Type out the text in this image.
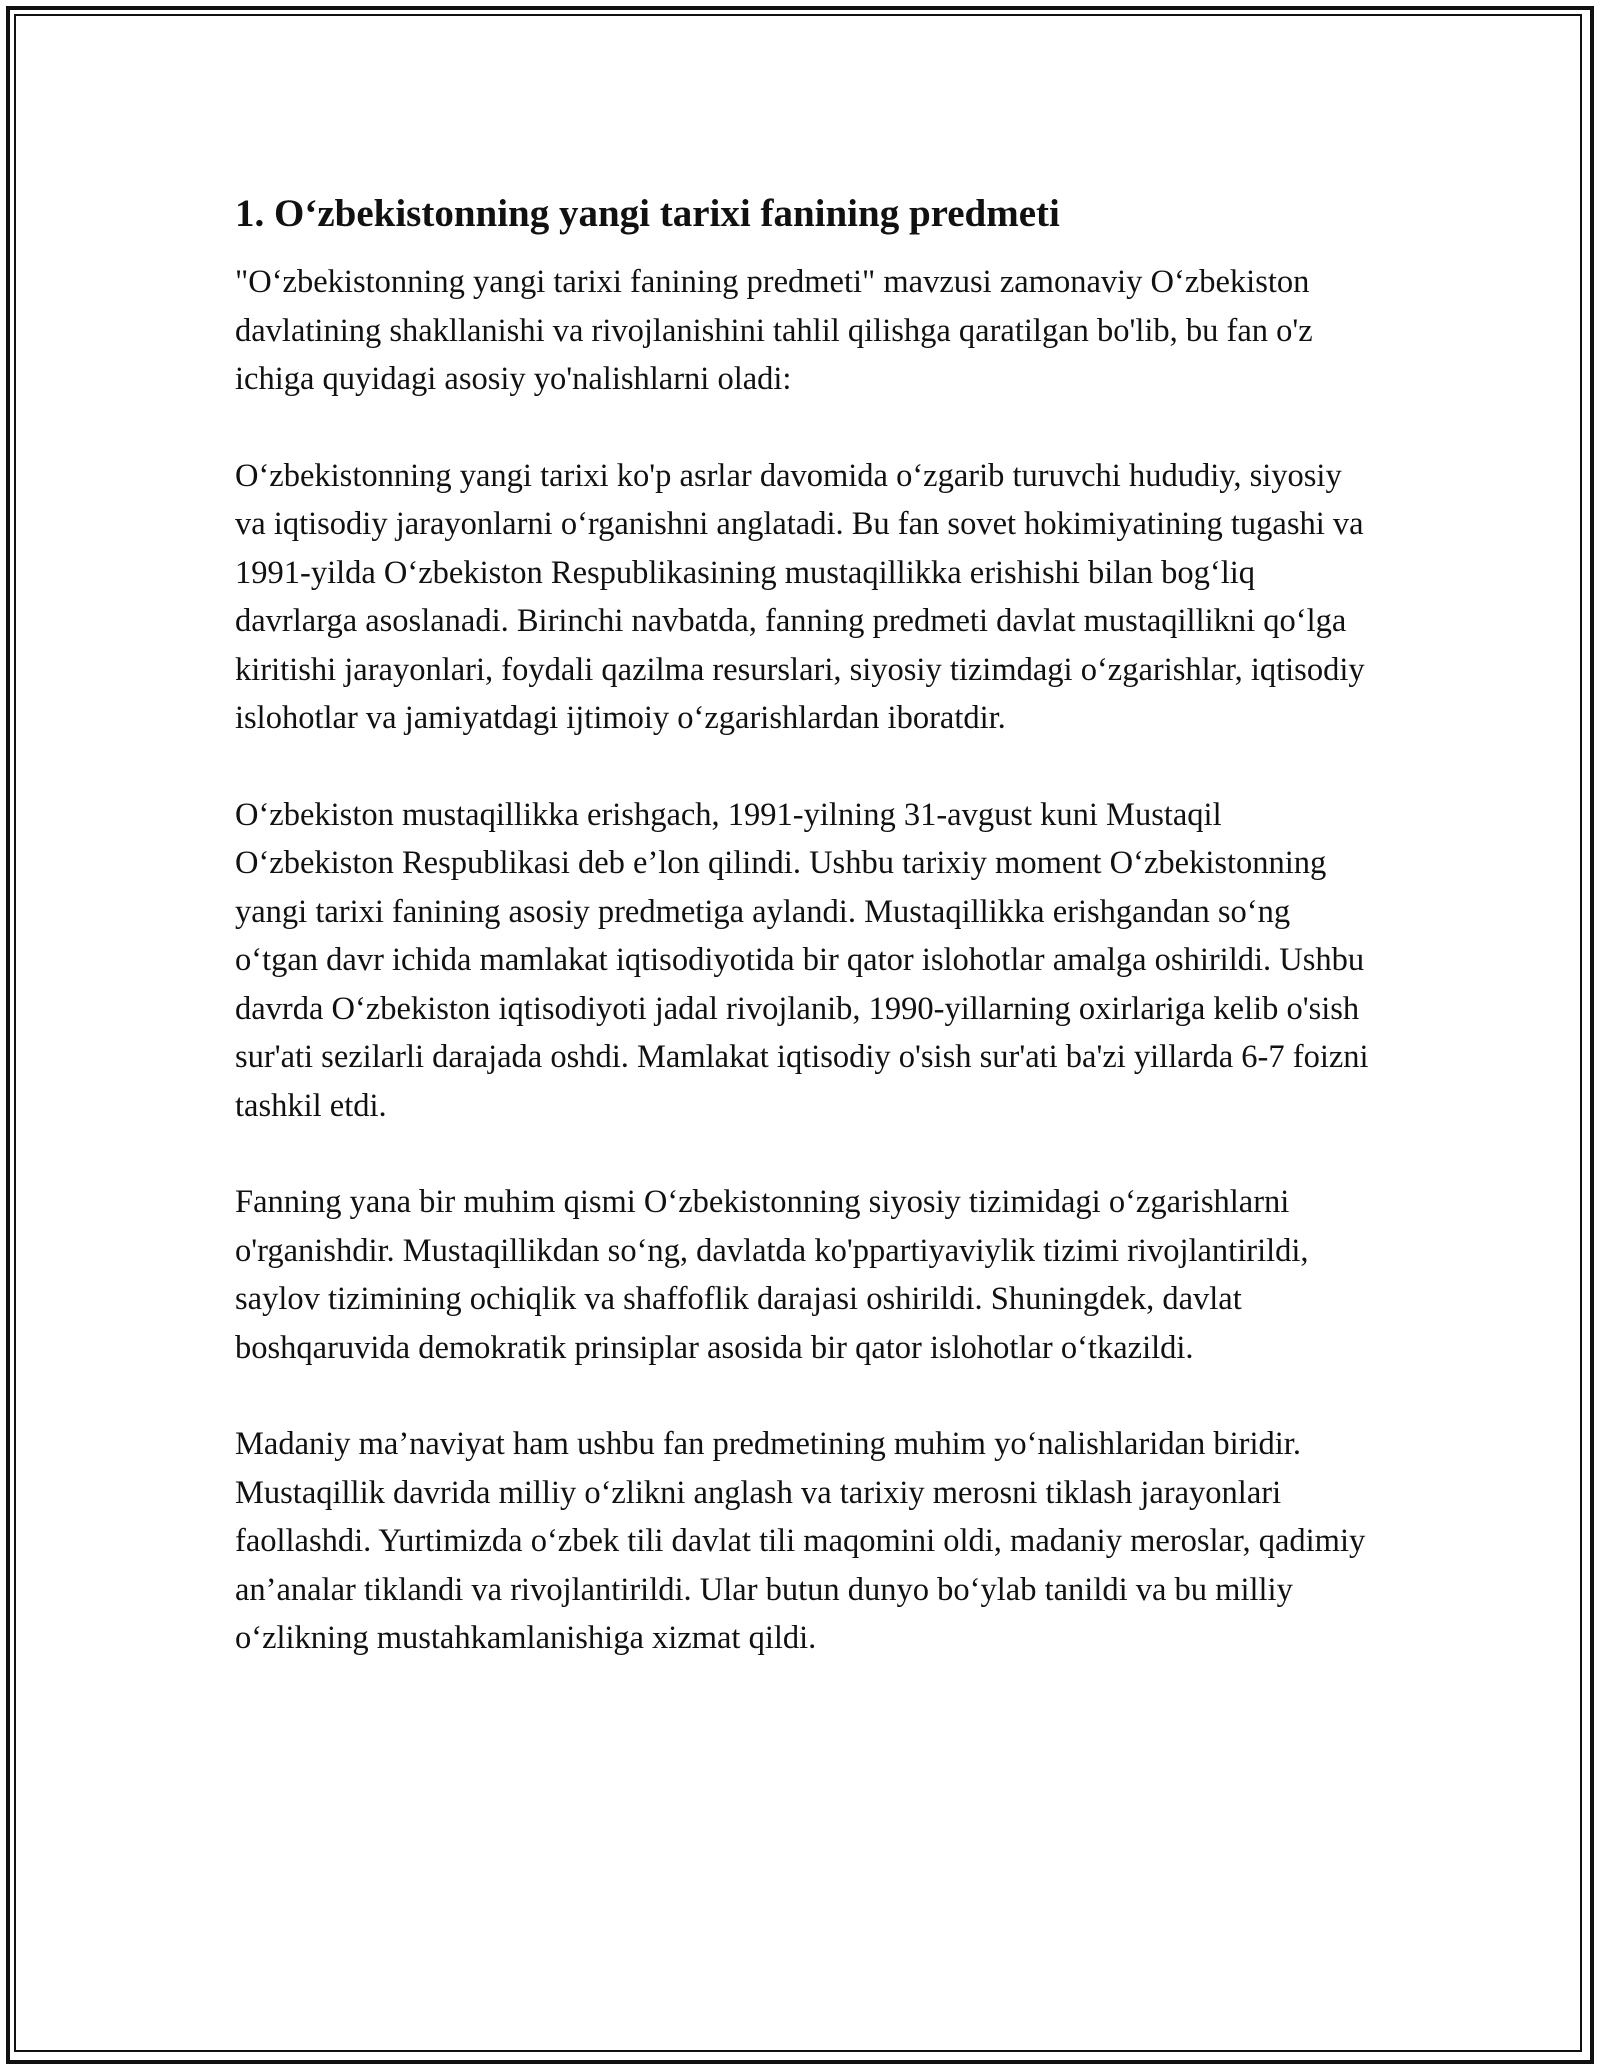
1. O‘zbekistonning yangi tarixi fanining predmeti

"O‘zbekistonning yangi tarixi fanining predmeti" mavzusi zamonaviy O‘zbekiston davlatining shakllanishi va rivojlanishini tahlil qilishga qaratilgan bo'lib, bu fan o'z ichiga quyidagi asosiy yo'nalishlarni oladi:

O‘zbekistonning yangi tarixi ko'p asrlar davomida o‘zgarib turuvchi hududiy, siyosiy va iqtisodiy jarayonlarni o‘rganishni anglatadi. Bu fan sovet hokimiyatining tugashi va 1991-yilda O‘zbekiston Respublikasining mustaqillikka erishishi bilan bog‘liq davrlarga asoslanadi. Birinchi navbatda, fanning predmeti davlat mustaqillikni qo‘lga kiritishi jarayonlari, foydali qazilma resurslari, siyosiy tizimdagi o‘zgarishlar, iqtisodiy islohotlar va jamiyatdagi ijtimoiy o‘zgarishlardan iboratdir.

O‘zbekiston mustaqillikka erishgach, 1991-yilning 31-avgust kuni Mustaqil O‘zbekiston Respublikasi deb e’lon qilindi. Ushbu tarixiy moment O‘zbekistonning yangi tarixi fanining asosiy predmetiga aylandi. Mustaqillikka erishgandan so‘ng o‘tgan davr ichida mamlakat iqtisodiyotida bir qator islohotlar amalga oshirildi. Ushbu davrda O‘zbekiston iqtisodiyoti jadal rivojlanib, 1990-yillarning oxirlariga kelib o'sish sur'ati sezilarli darajada oshdi. Mamlakat iqtisodiy o'sish sur'ati ba'zi yillarda 6-7 foizni tashkil etdi.

Fanning yana bir muhim qismi O‘zbekistonning siyosiy tizimidagi o‘zgarishlarni o'rganishdir. Mustaqillikdan so‘ng, davlatda ko'ppartiyaviylik tizimi rivojlantirildi, saylov tizimining ochiqlik va shaffoflik darajasi oshirildi. Shuningdek, davlat boshqaruvida demokratik prinsiplar asosida bir qator islohotlar o‘tkazildi.

Madaniy ma’naviyat ham ushbu fan predmetining muhim yo‘nalishlaridan biridir. Mustaqillik davrida milliy o‘zlikni anglash va tarixiy merosni tiklash jarayonlari faollashdi. Yurtimizda o‘zbek tili davlat tili maqomini oldi, madaniy meroslar, qadimiy an’analar tiklandi va rivojlantirildi. Ular butun dunyo bo‘ylab tanildi va bu milliy o‘zlikning mustahkamlanishiga xizmat qildi.
